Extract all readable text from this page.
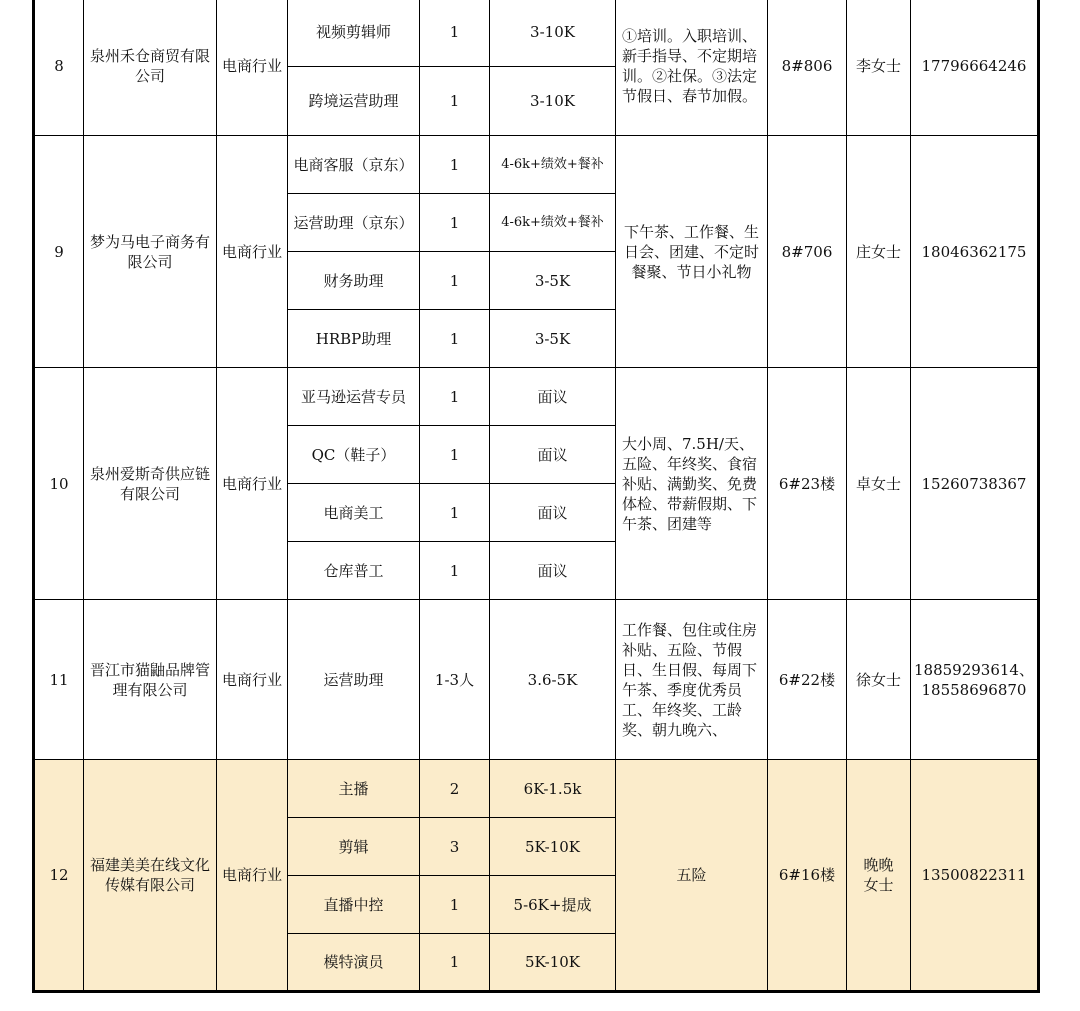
8	泉州禾仓商贸有限公司	电商行业	视频剪辑师	1	3-10K	①培训。入职培训、新手指导、不定期培训。②社保。③法定节假日、春节加假。	8#806	李女士	17796664246
			跨境运营助理	1	3-10K				
9	梦为马电子商务有限公司	电商行业	电商客服（京东）	1	4-6k+绩效+餐补	下午茶、工作餐、生日会、团建、不定时餐聚、节日小礼物	8#706	庄女士	18046362175
			运营助理（京东）	1	4-6k+绩效+餐补				
			财务助理	1	3-5K				
			HRBP助理	1	3-5K				
10	泉州爱斯奇供应链有限公司	电商行业	亚马逊运营专员	1	面议	大小周、7.5H/天、五险、年终奖、食宿补贴、满勤奖、免费体检、带薪假期、下午茶、团建等	6#23楼	卓女士	15260738367
			QC（鞋子）	1	面议				
			电商美工	1	面议				
			仓库普工	1	面议				
11	晋江市猫鼬品牌管理有限公司	电商行业	运营助理	1-3人	3.6-5K	工作餐、包住或住房补贴、五险、节假日、生日假、每周下午茶、季度优秀员工、年终奖、工龄奖、朝九晚六、	6#22楼	徐女士	18859293614、18558696870
12	福建美美在线文化传媒有限公司	电商行业	主播	2	6K-1.5k	五险	6#16楼	晚晚女士	13500822311
			剪辑	3	5K-10K				
			直播中控	1	5-6K+提成				
			模特演员	1	5K-10K				
